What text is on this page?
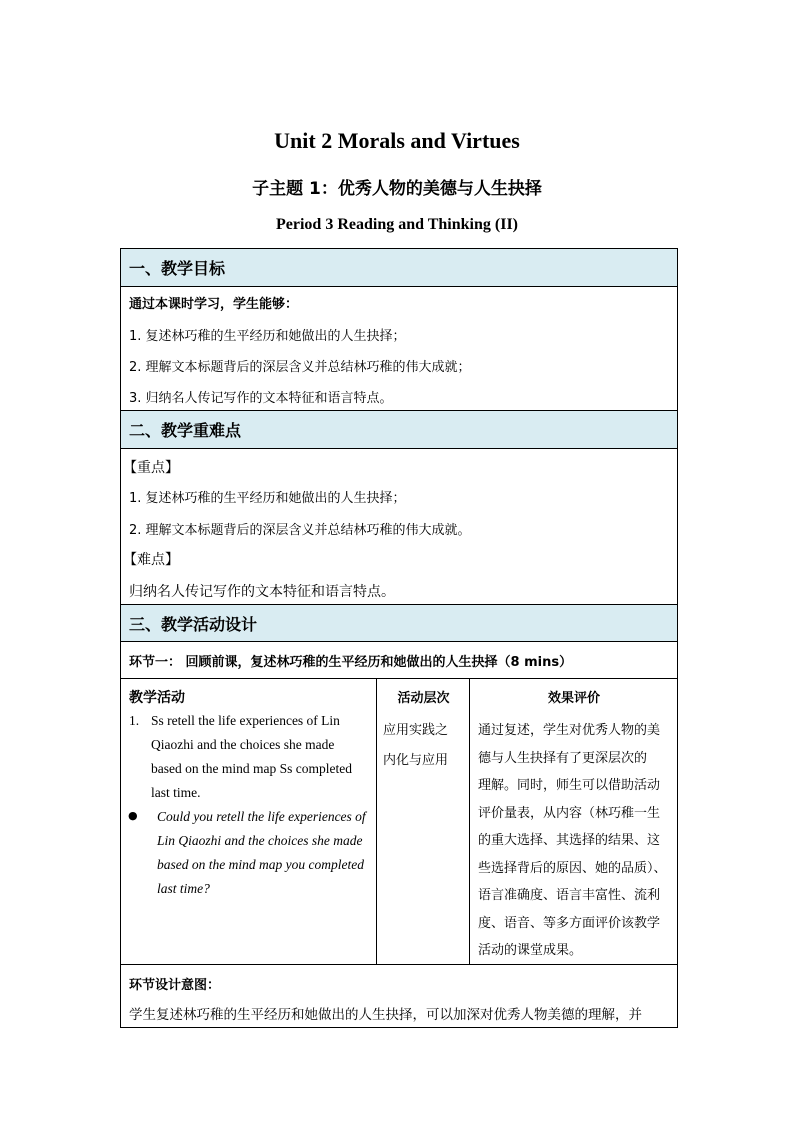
Unit 2 Morals and Virtues
子主题 1：优秀人物的美德与人生抉择
Period 3 Reading and Thinking (II)
一、教学目标
通过本课时学习，学生能够：
1. 复述林巧稚的生平经历和她做出的人生抉择；
2. 理解文本标题背后的深层含义并总结林巧稚的伟大成就；
3. 归纳名人传记写作的文本特征和语言特点。
二、教学重难点
【重点】
1. 复述林巧稚的生平经历和她做出的人生抉择；
2. 理解文本标题背后的深层含义并总结林巧稚的伟大成就。
【难点】
归纳名人传记写作的文本特征和语言特点。
三、教学活动设计
环节一： 回顾前课，复述林巧稚的生平经历和她做出的人生抉择（8 mins）
教学活动
1. Ss retell the life experiences of Lin
Qiaozhi and the choices she made
based on the mind map Ss completed
last time.
● Could you retell the life experiences of
Lin Qiaozhi and the choices she made
based on the mind map you completed
last time?
活动层次
应用实践之
内化与应用
效果评价
通过复述，学生对优秀人物的美
德与人生抉择有了更深层次的
理解。同时，师生可以借助活动
评价量表，从内容（林巧稚一生
的重大选择、其选择的结果、这
些选择背后的原因、她的品质）、
语言准确度、语言丰富性、流利
度、语音、等多方面评价该教学
活动的课堂成果。
环节设计意图：
学生复述林巧稚的生平经历和她做出的人生抉择，可以加深对优秀人物美德的理解，并
